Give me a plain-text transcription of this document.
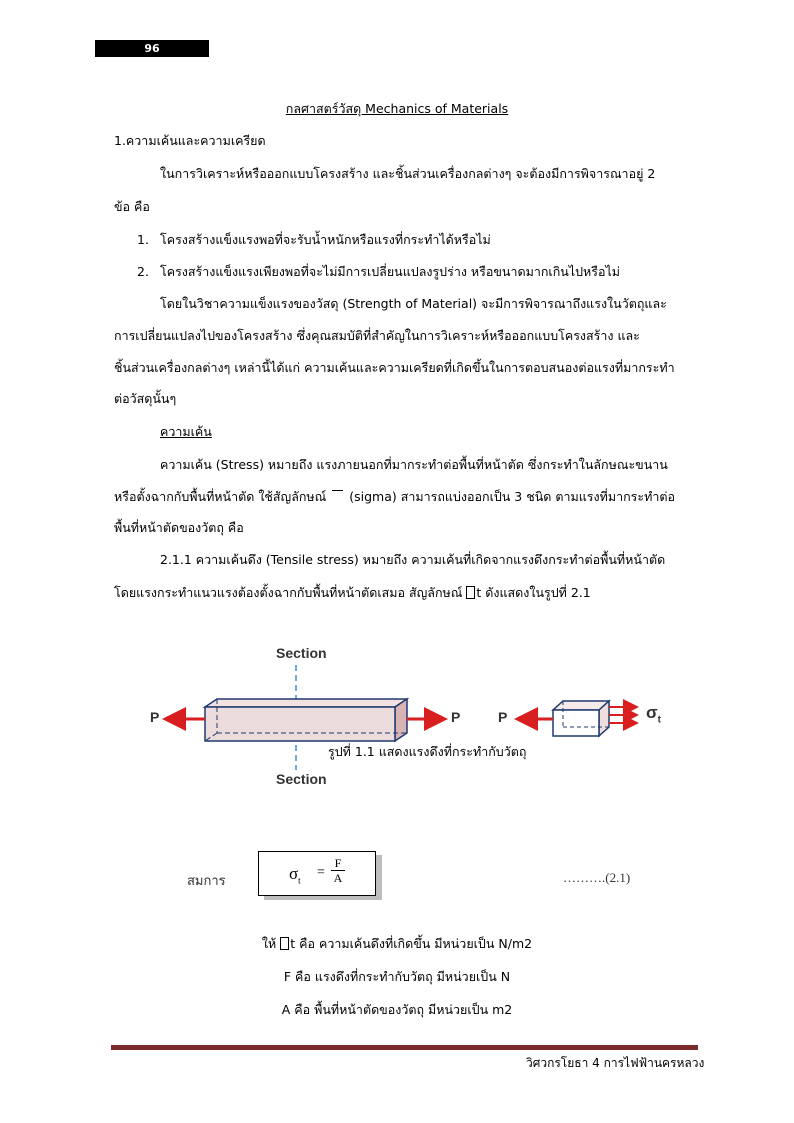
96
กลศาสตร์วัสดุ Mechanics of Materials
1.ความเค้นและความเครียด
ในการวิเคราะห์หรือออกแบบโครงสร้าง และชิ้นส่วนเครื่องกลต่างๆ จะต้องมีการพิจารณาอยู่ 2
ข้อ คือ
1. โครงสร้างแข็งแรงพอที่จะรับน้ำหนักหรือแรงที่กระทำได้หรือไม่
2. โครงสร้างแข็งแรงเพียงพอที่จะไม่มีการเปลี่ยนแปลงรูปร่าง หรือขนาดมากเกินไปหรือไม่
โดยในวิชาความแข็งแรงของวัสดุ (Strength of Material) จะมีการพิจารณาถึงแรงในวัตถุและ
การเปลี่ยนแปลงไปของโครงสร้าง ซึ่งคุณสมบัติที่สำคัญในการวิเคราะห์หรือออกแบบโครงสร้าง และ
ชิ้นส่วนเครื่องกลต่างๆ เหล่านี้ได้แก่ ความเค้นและความเครียดที่เกิดขึ้นในการตอบสนองต่อแรงที่มากระทำ
ต่อวัสดุนั้นๆ
ความเค้น
ความเค้น (Stress) หมายถึง แรงภายนอกที่มากระทำต่อพื้นที่หน้าตัด ซึ่งกระทำในลักษณะขนาน
หรือตั้งฉากกับพื้นที่หน้าตัด ใช้สัญลักษณ์ (sigma) สามารถแบ่งออกเป็น 3 ชนิด ตามแรงที่มากระทำต่อ
พื้นที่หน้าตัดของวัตถุ คือ
2.1.1 ความเค้นดึง (Tensile stress) หมายถึง ความเค้นที่เกิดจากแรงดึงกระทำต่อพื้นที่หน้าตัด
โดยแรงกระทำแนวแรงต้องตั้งฉากกับพื้นที่หน้าตัดเสมอ สัญลักษณ์ t ดังแสดงในรูปที่ 2.1
Section
Section
P	P	P	$\sigma_t$
รูปที่ 1.1 แสดงแรงดึงที่กระทำกับวัตถุ
สมการ	$\sigma_t$
= $\frac{F}{A}$	……….(2.1)
ให้ t คือ ความเค้นดึงที่เกิดขึ้น มีหน่วยเป็น N/m2
F คือ แรงดึงที่กระทำกับวัตถุ มีหน่วยเป็น N
A คือ พื้นที่หน้าตัดของวัตถุ มีหน่วยเป็น m2
วิศวกรโยธา 4 การไฟฟ้านครหลวง
